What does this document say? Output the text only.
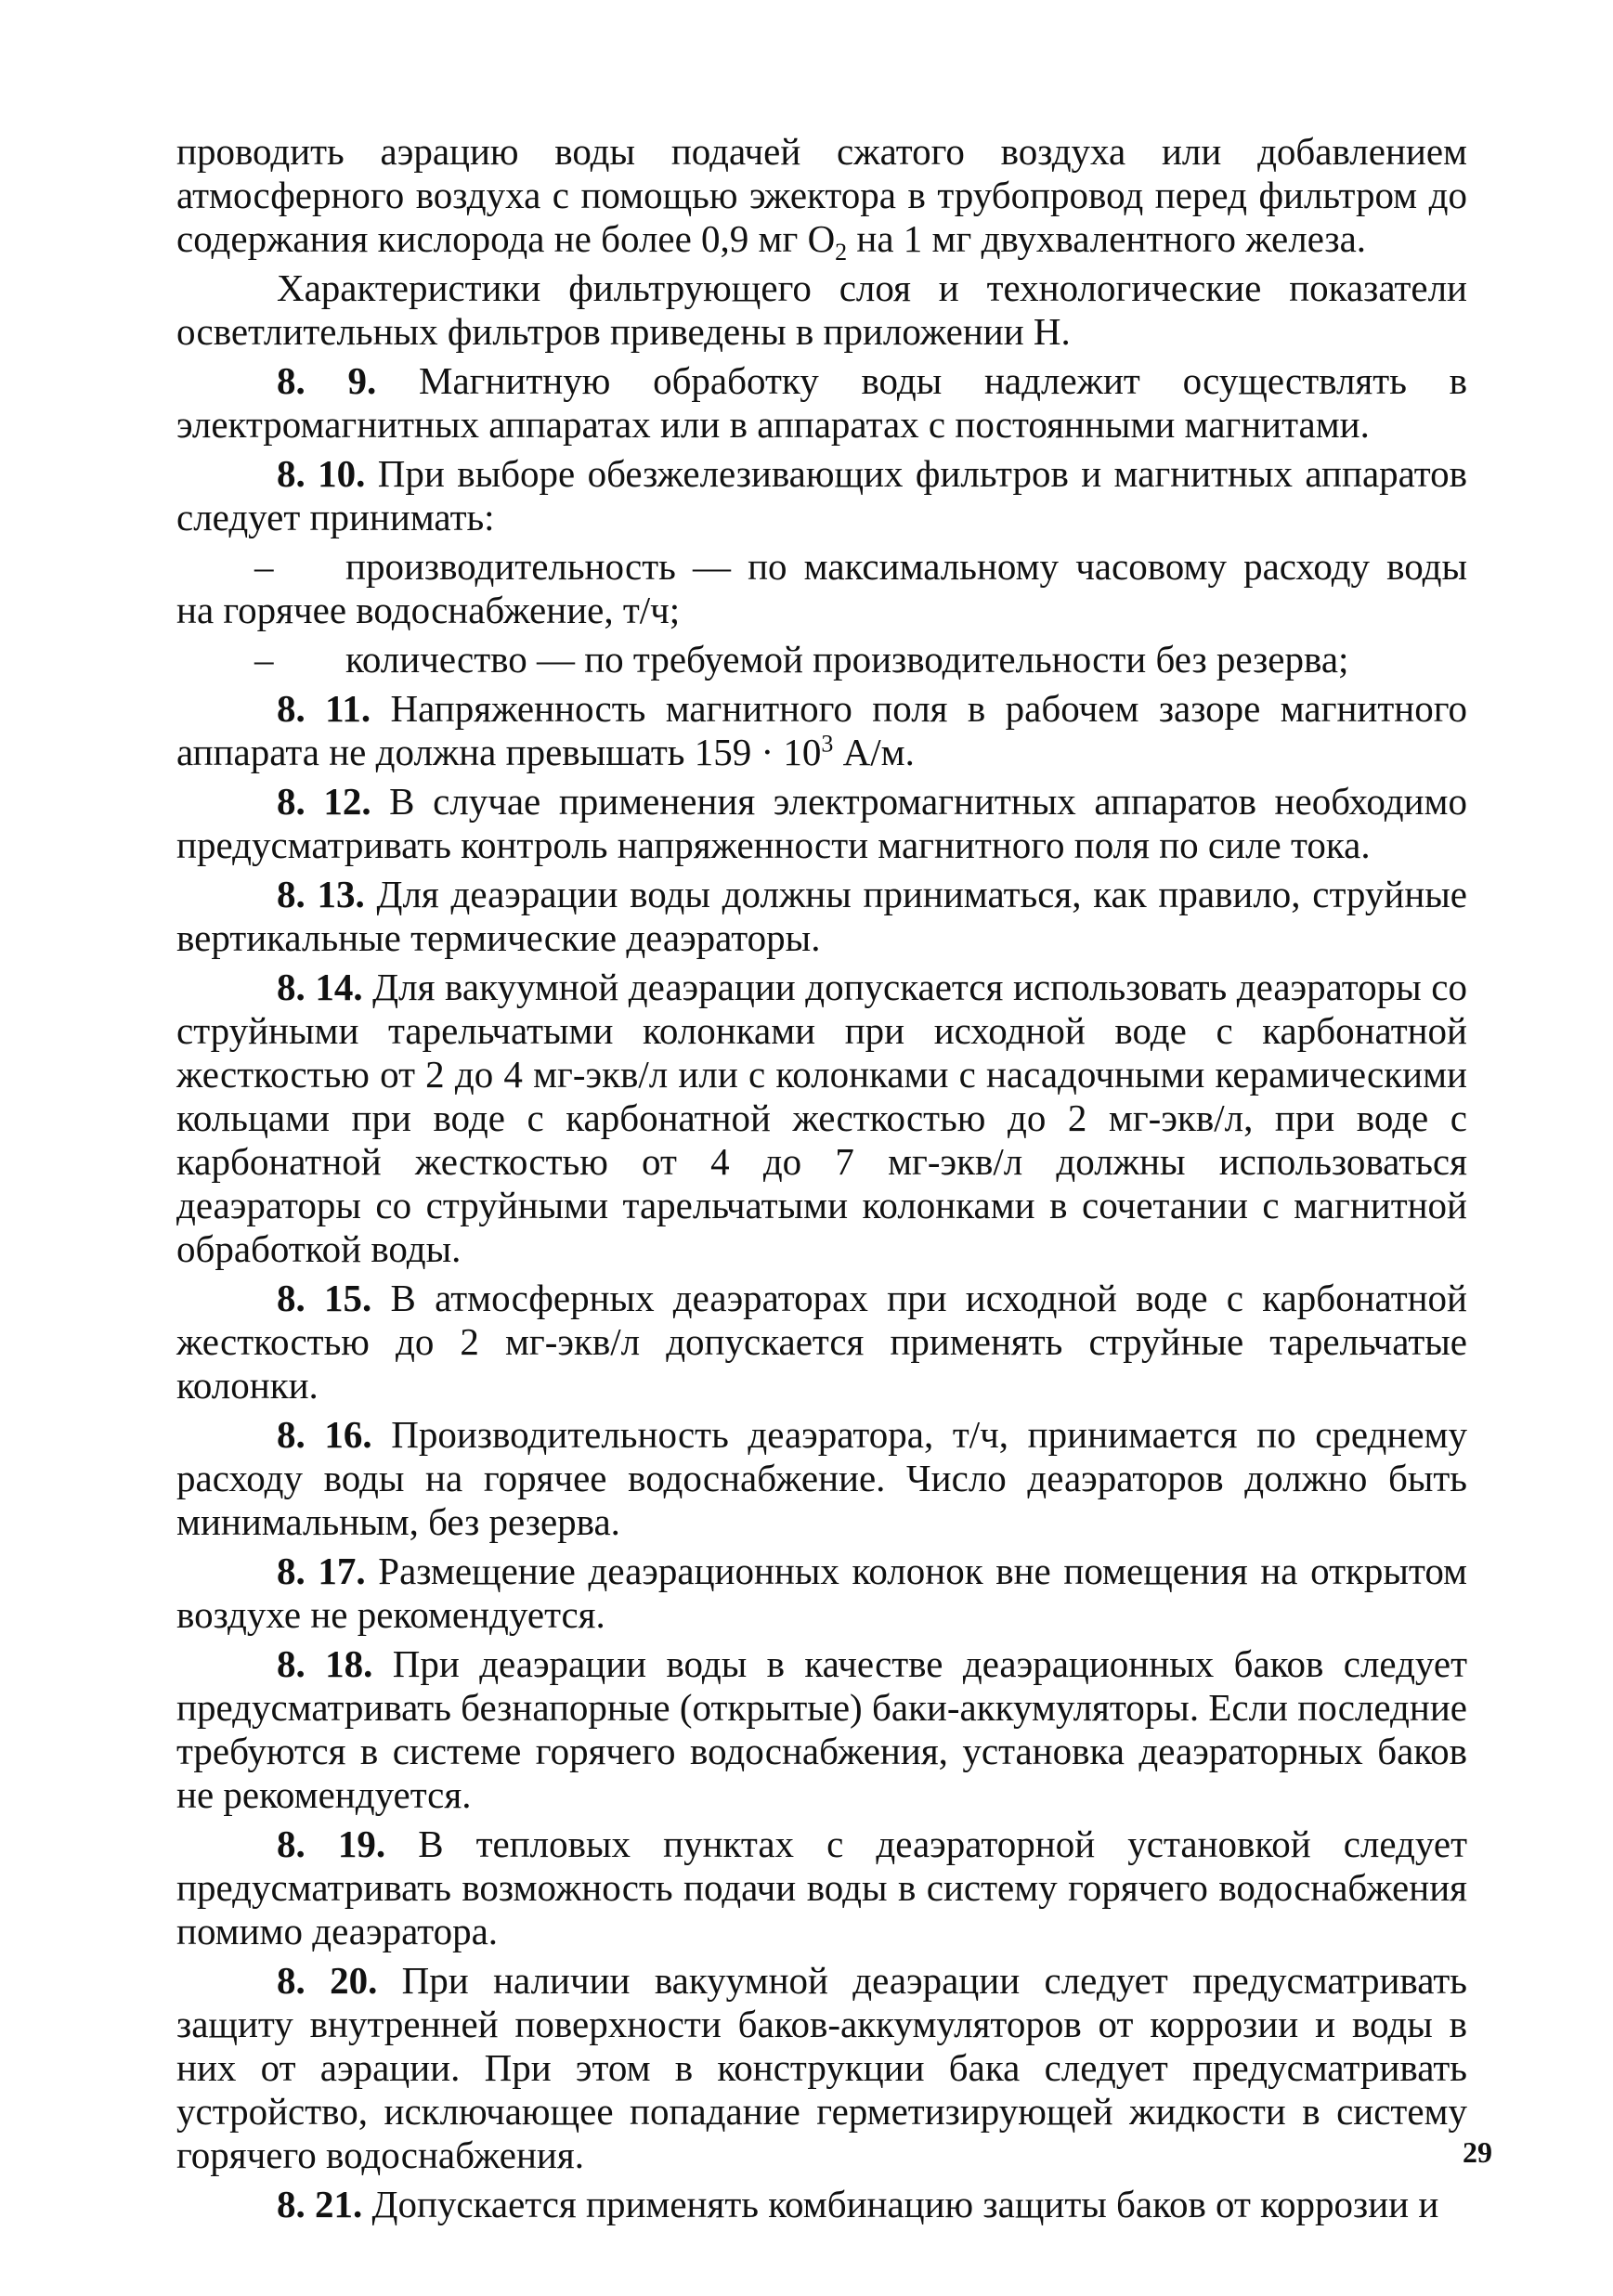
проводить аэрацию воды подачей сжатого воздуха или добавлением атмосферного воздуха с помощью эжектора в трубопровод перед фильтром до содержания кислорода не более 0,9 мг $O_2$ на 1 мг двухвалентного железа.

Характеристики фильтрующего слоя и технологические показатели осветлительных фильтров приведены в приложении Н.

8. 9. Магнитную обработку воды надлежит осуществлять в электромагнитных аппаратах или в аппаратах с постоянными магнитами.

8. 10. При выборе обезжелезивающих фильтров и магнитных аппаратов следует принимать:

– производительность — по максимальному часовому расходу воды на горячее водоснабжение, т/ч;

– количество — по требуемой производительности без резерва;

8. 11. Напряженность магнитного поля в рабочем зазоре магнитного аппарата не должна превышать $159 \cdot 10^3$ А/м.

8. 12. В случае применения электромагнитных аппаратов необходимо предусматривать контроль напряженности магнитного поля по силе тока.

8. 13. Для деаэрации воды должны приниматься, как правило, струйные вертикальные термические деаэраторы.

8. 14. Для вакуумной деаэрации допускается использовать деаэраторы со струйными тарельчатыми колонками при исходной воде с карбонатной жесткостью от 2 до 4 мг-экв/л или с колонками с насадочными керамическими кольцами при воде с карбонатной жесткостью до 2 мг-экв/л, при воде с карбонатной жесткостью от 4 до 7 мг-экв/л должны использоваться деаэраторы со струйными тарельчатыми колонками в сочетании с магнитной обработкой воды.

8. 15. В атмосферных деаэраторах при исходной воде с карбонатной жесткостью до 2 мг-экв/л допускается применять струйные тарельчатые колонки.

8. 16. Производительность деаэратора, т/ч, принимается по среднему расходу воды на горячее водоснабжение. Число деаэраторов должно быть минимальным, без резерва.

8. 17. Размещение деаэрационных колонок вне помещения на открытом воздухе не рекомендуется.

8. 18. При деаэрации воды в качестве деаэрационных баков следует предусматривать безнапорные (открытые) баки-аккумуляторы. Если последние требуются в системе горячего водоснабжения, установка деаэраторных баков не рекомендуется.

8. 19. В тепловых пунктах с деаэраторной установкой следует предусматривать возможность подачи воды в систему горячего водоснабжения помимо деаэратора.

8. 20. При наличии вакуумной деаэрации следует предусматривать защиту внутренней поверхности баков-аккумуляторов от коррозии и воды в них от аэрации. При этом в конструкции бака следует предусматривать устройство, исключающее попадание герметизирующей жидкости в систему горячего водоснабжения.

8. 21. Допускается применять комбинацию защиты баков от коррозии и

29
